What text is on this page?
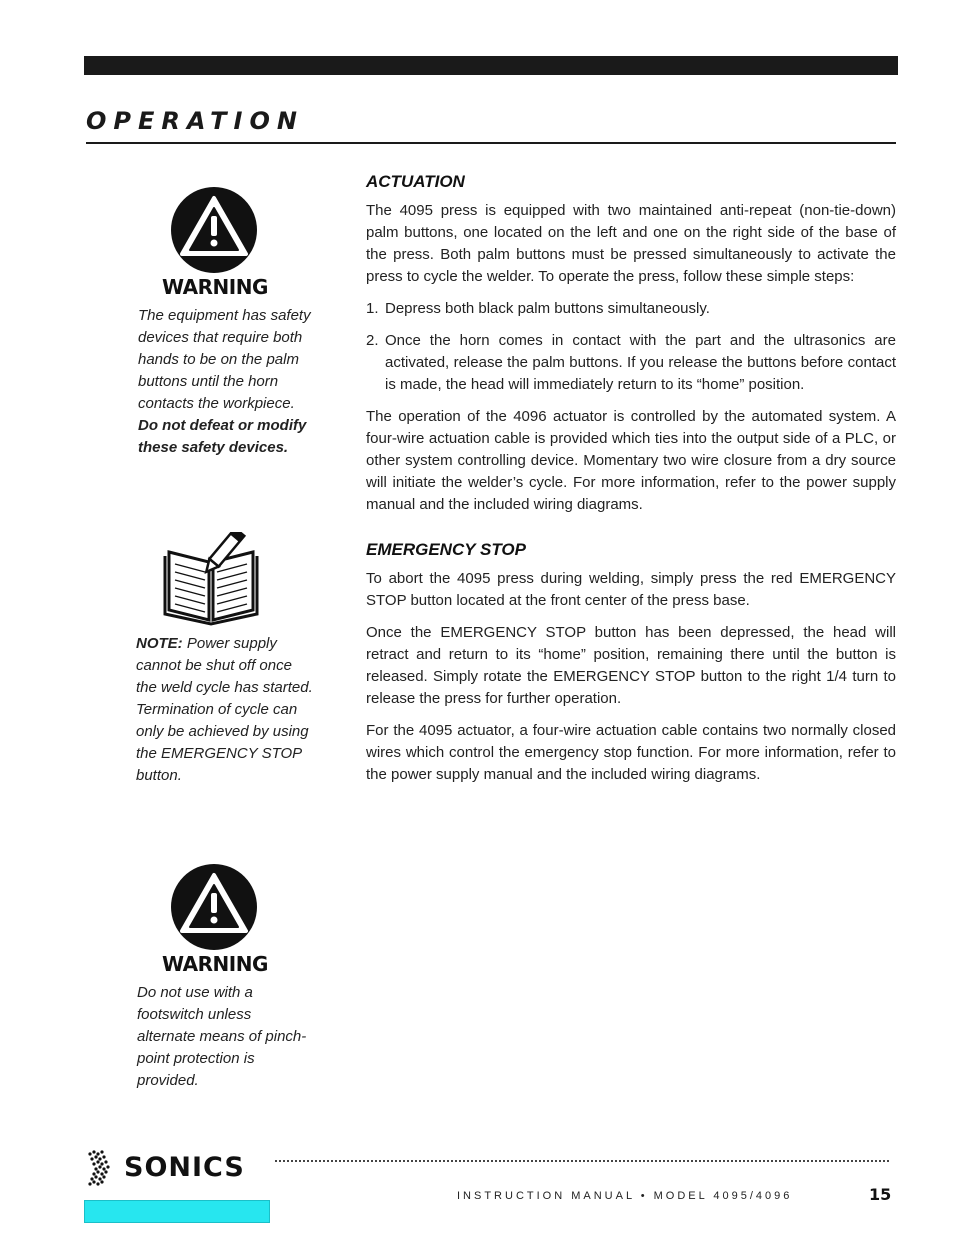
OPERATION
WARNING
The equipment has safety devices that require both hands to be on the palm buttons until the horn contacts the workpiece. Do not defeat or modify these safety devices.
NOTE: Power supply cannot be shut off once the weld cycle has started. Termination of cycle can only be achieved by using the EMERGENCY STOP button.
WARNING
Do not use with a footswitch unless alternate means of pinch-point protection is provided.
ACTUATION

The 4095 press is equipped with two maintained anti-repeat (non-tie-down) palm buttons, one located on the left and one on the right side of the base of the press. Both palm buttons must be pressed simultaneously to activate the press to cycle the welder. To operate the press, follow these simple steps:

1. Depress both black palm buttons simultaneously.
2. Once the horn comes in contact with the part and the ultrasonics are activated, release the palm buttons. If you release the buttons before contact is made, the head will immediately return to its “home” position.

The operation of the 4096 actuator is controlled by the automated system. A four-wire actuation cable is provided which ties into the output side of a PLC, or other system controlling device. Momentary two wire closure from a dry source will initiate the welder’s cycle. For more information, refer to the power supply manual and the included wiring diagrams.

EMERGENCY STOP

To abort the 4095 press during welding, simply press the red EMERGENCY STOP button located at the front center of the press base.

Once the EMERGENCY STOP button has been depressed, the head will retract and return to its “home” position, remaining there until the button is released. Simply rotate the EMERGENCY STOP button to the right 1/4 turn to release the press for further operation.

For the 4095 actuator, a four-wire actuation cable contains two normally closed wires which control the emergency stop function. For more information, refer to the power supply manual and the included wiring diagrams.

SONICS
INSTRUCTION MANUAL • MODEL 4095/4096	15
